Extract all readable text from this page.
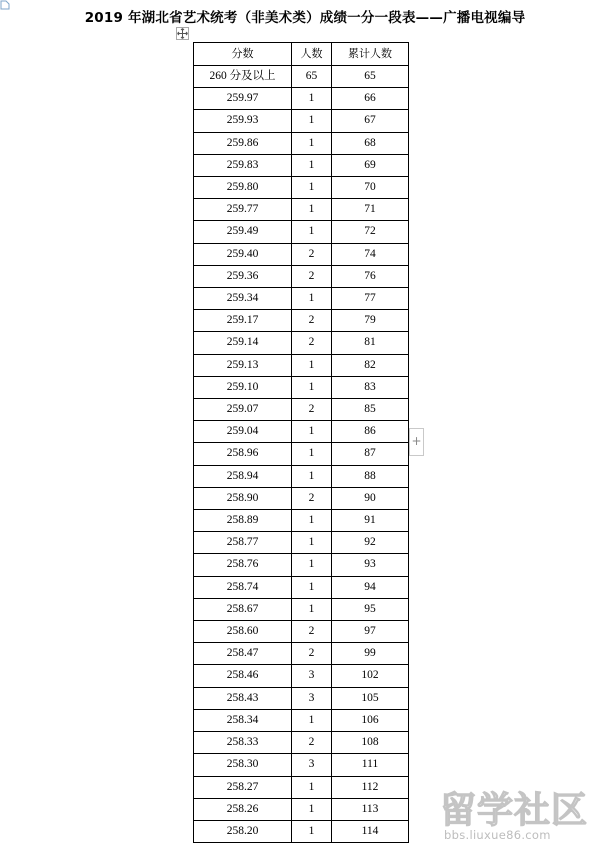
2019 年湖北省艺术统考（非美术类）成绩一分一段表——广播电视编导
分数	人数	累计人数
260 分及以上	65	65
259.97	1	66
259.93	1	67
259.86	1	68
259.83	1	69
259.80	1	70
259.77	1	71
259.49	1	72
259.40	2	74
259.36	2	76
259.34	1	77
259.17	2	79
259.14	2	81
259.13	1	82
259.10	1	83
259.07	2	85
259.04	1	86
258.96	1	87
258.94	1	88
258.90	2	90
258.89	1	91
258.77	1	92
258.76	1	93
258.74	1	94
258.67	1	95
258.60	2	97
258.47	2	99
258.46	3	102
258.43	3	105
258.34	1	106
258.33	2	108
258.30	3	111
258.27	1	112
258.26	1	113
258.20	1	114
+
留学社区
bbs.liuxue86.com
